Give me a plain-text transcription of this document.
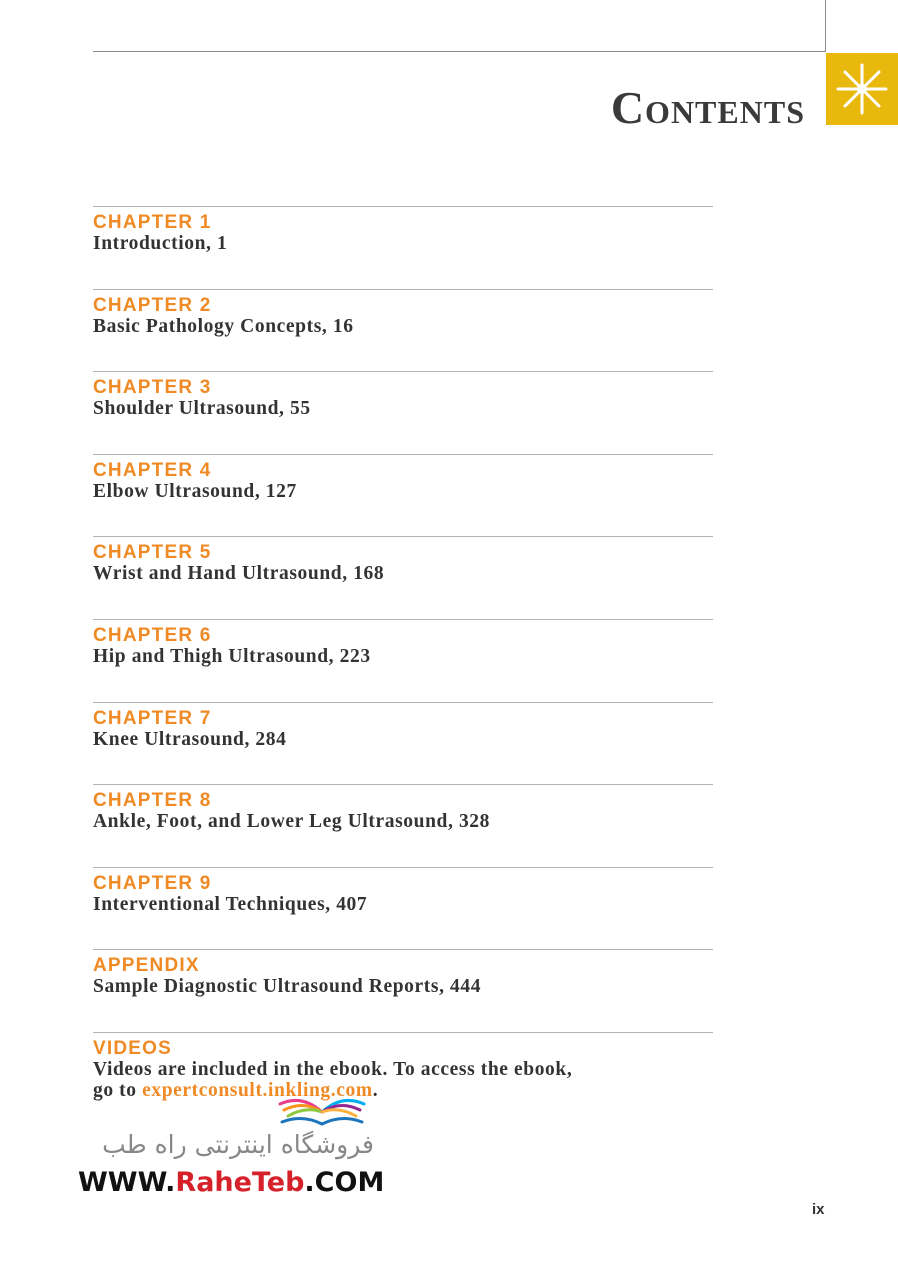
Contents
CHAPTER 1
Introduction, 1
CHAPTER 2
Basic Pathology Concepts, 16
CHAPTER 3
Shoulder Ultrasound, 55
CHAPTER 4
Elbow Ultrasound, 127
CHAPTER 5
Wrist and Hand Ultrasound, 168
CHAPTER 6
Hip and Thigh Ultrasound, 223
CHAPTER 7
Knee Ultrasound, 284
CHAPTER 8
Ankle, Foot, and Lower Leg Ultrasound, 328
CHAPTER 9
Interventional Techniques, 407
APPENDIX
Sample Diagnostic Ultrasound Reports, 444
VIDEOS
Videos are included in the ebook. To access the ebook,
go to expertconsult.inkling.com.
فروشگاه اینترنتی راه طب
WWW.RaheTeb.COM
ix
